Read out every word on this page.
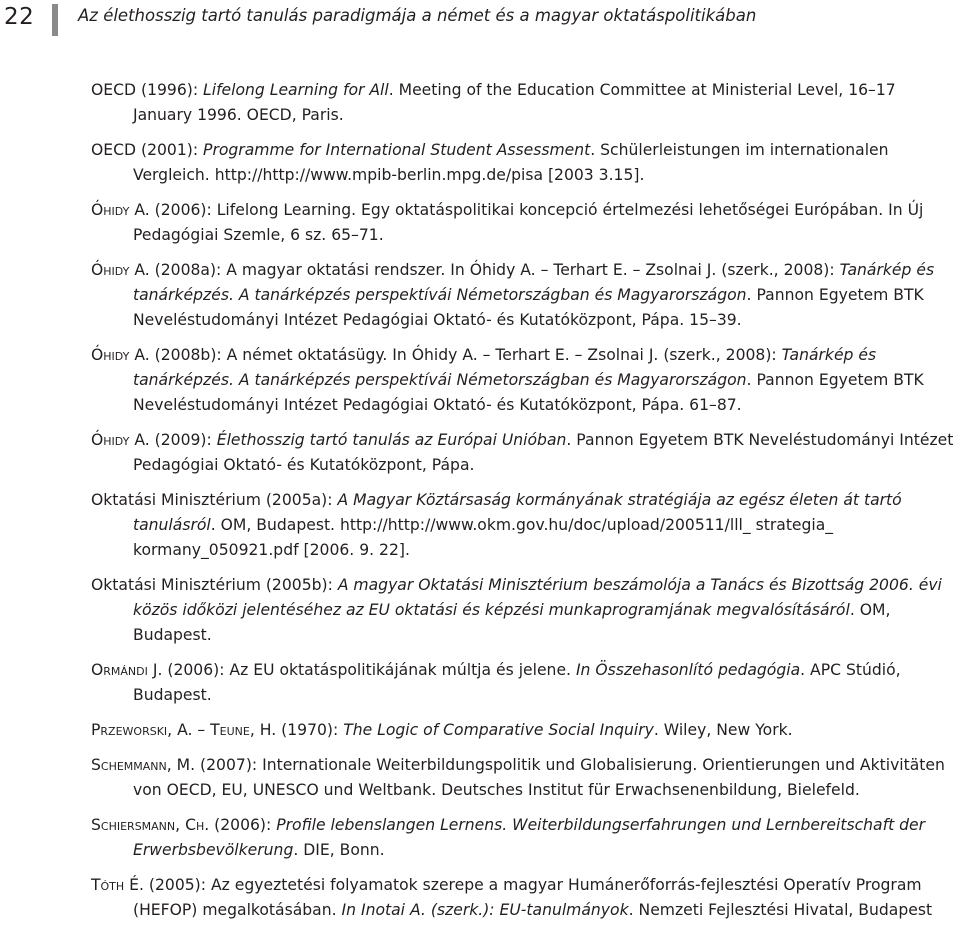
22	Az élethosszig tartó tanulás paradigmája a német és a magyar oktatáspolitikában

OECD (1996): Lifelong Learning for All. Meeting of the Education Committee at Ministerial Level, 16–17 January 1996. OECD, Paris.

OECD (2001): Programme for International Student Assessment. Schülerleistungen im internationalen Vergleich. http://http://www.mpib-berlin.mpg.de/pisa [2003 3.15].

Óhidy A. (2006): Lifelong Learning. Egy oktatáspolitikai koncepció értelmezési lehetőségei Európában. In Új Pedagógiai Szemle, 6 sz. 65–71.

Óhidy A. (2008a): A magyar oktatási rendszer. In Óhidy A. – Terhart E. – Zsolnai J. (szerk., 2008): Tanárkép és tanárképzés. A tanárképzés perspektívái Németországban és Magyarországon. Pannon Egyetem BTK Neveléstudományi Intézet Pedagógiai Oktató- és Kutatóközpont, Pápa. 15–39.

Óhidy A. (2008b): A német oktatásügy. In Óhidy A. – Terhart E. – Zsolnai J. (szerk., 2008): Tanárkép és tanárképzés. A tanárképzés perspektívái Németországban és Magyarországon. Pannon Egyetem BTK Neveléstudományi Intézet Pedagógiai Oktató- és Kutatóközpont, Pápa. 61–87.

Óhidy A. (2009): Élethosszig tartó tanulás az Európai Unióban. Pannon Egyetem BTK Neveléstudományi Intézet Pedagógiai Oktató- és Kutatóközpont, Pápa.

Oktatási Minisztérium (2005a): A Magyar Köztársaság kormányának stratégiája az egész életen át tartó tanulásról. OM, Budapest. http://http://www.okm.gov.hu/doc/upload/200511/lll_ strategia_ kormany_050921.pdf [2006. 9. 22].

Oktatási Minisztérium (2005b): A magyar Oktatási Minisztérium beszámolója a Tanács és Bizottság 2006. évi közös időközi jelentéséhez az EU oktatási és képzési munkaprogramjának megvalósításáról. OM, Budapest.

Ormándi J. (2006): Az EU oktatáspolitikájának múltja és jelene. In Összehasonlító pedagógia. APC Stúdió, Budapest.

Przeworski, A. – Teune, H. (1970): The Logic of Comparative Social Inquiry. Wiley, New York.

Schemmann, M. (2007): Internationale Weiterbildungspolitik und Globalisierung. Orientierungen und Aktivitäten von OECD, EU, UNESCO und Weltbank. Deutsches Institut für Erwachsenenbildung, Bielefeld.

Schiersmann, Ch. (2006): Profile lebenslangen Lernens. Weiterbildungserfahrungen und Lernbereitschaft der Erwerbsbevölkerung. DIE, Bonn.

Tóth É. (2005): Az egyeztetési folyamatok szerepe a magyar Humánerőforrás-fejlesztési Operatív Program (HEFOP) megalkotásában. In Inotai A. (szerk.): EU-tanulmányok. Nemzeti Fejlesztési Hivatal, Budapest
